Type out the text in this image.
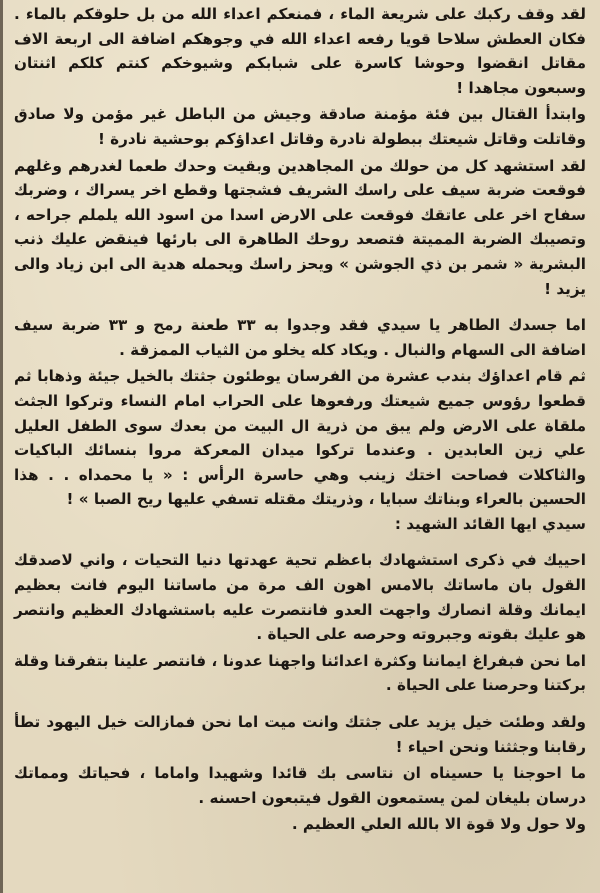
لقد وقف ركبك على شريعة الماء ، فمنعكم اعداء الله من بل حلوقكم بالماء . فكان العطش سلاحا قويا رفعه اعداء الله في وجوهكم اضافة الى اربعة الاف مقاتل انقضوا وحوشا كاسرة على شبابكم وشيوخكم كنتم كلكم اثنتان وسبعون مجاهدا !

وابتدأ القتال بين فئة مؤمنة صادقة وجيش من الباطل غير مؤمن ولا صادق وقاتلت وقاتل شيعتك ببطولة نادرة وقاتل اعداؤكم بوحشية نادرة !

لقد استشهد كل من حولك من المجاهدين وبقيت وحدك طعما لغدرهم وغلهم فوقعت ضربة سيف على راسك الشريف فشجتها وقطع اخر يسراك ، وضربك سفاح اخر على عاتقك فوقعت على الارض اسدا من اسود الله يلملم جراحه ، وتصيبك الضربة المميتة فتصعد روحك الطاهرة الى بارئها فينقض عليك ذنب البشرية « شمر بن ذي الجوشن » ويحز راسك ويحمله هدية الى ابن زياد والى يزيد !

اما جسدك الطاهر يا سيدي فقد وجدوا به ٣٣ طعنة رمح و ٣٣ ضربة سيف اضافة الى السهام والنبال . ويكاد كله يخلو من الثياب الممزقة .

ثم قام اعداؤك بندب عشرة من الفرسان يوطئون جثتك بالخيل جيئة وذهابا ثم قطعوا رؤوس جميع شيعتك ورفعوها على الحراب امام النساء وتركوا الجثث ملقاة على الارض ولم يبق من ذرية ال البيت من بعدك سوى الطفل العليل علي زين العابدين . وعندما تركوا ميدان المعركة مروا بنسائك الباكيات والثاكلات فصاحت اختك زينب وهي حاسرة الرأس : « يا محمداه . . هذا الحسين بالعراء وبناتك سبايا ، وذريتك مقتله تسفي عليها ريح الصبا » !

سيدي ايها القائد الشهيد :

احييك في ذكرى استشهادك باعظم تحية عهدتها دنيا التحيات ، واني لاصدقك القول بان ماساتك بالامس اهون الف مرة من ماساتنا اليوم فانت بعظيم ايمانك وقلة انصارك واجهت العدو فانتصرت عليه باستشهادك العظيم وانتصر هو عليك بقوته وجبروته وحرصه على الحياة .

اما نحن فبفراغ ايماننا وكثرة اعدائنا واجهنا عدونا ، فانتصر علينا بتفرقنا وقلة بركتنا وحرصنا على الحياة .

ولقد وطئت خيل يزيد على جثتك وانت ميت اما نحن فمازالت خيل اليهود تطأ رقابنا وجثثنا ونحن احياء !

ما احوجنا يا حسيناه ان نتاسى بك قائدا وشهيدا واماما ، فحياتك ومماتك درسان بليغان لمن يستمعون القول فيتبعون احسنه .

ولا حول ولا قوة الا بالله العلي العظيم .
